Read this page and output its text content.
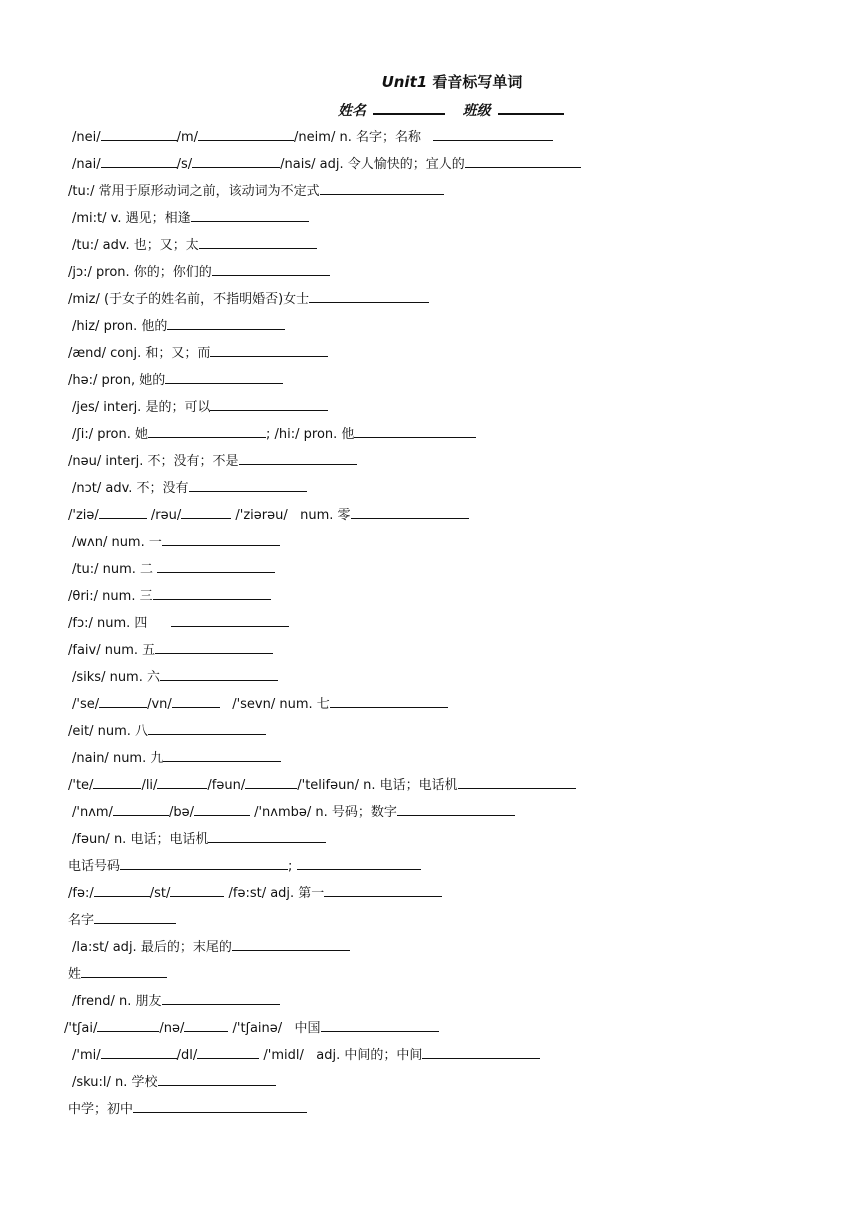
Unit1 看音标写单词
姓名	班级
/nei/	/m/	/neim/ n. 名字；名称
/nai/	/s/	/nais/ adj. 令人愉快的；宜人的
/tu:/ 常用于原形动词之前，该动词为不定式
/mi:t/ v. 遇见；相逢
/tu:/ adv. 也；又；太
/jɔ:/ pron. 你的；你们的
/miz/ (于女子的姓名前，不指明婚否)女士
/hiz/ pron. 他的
/ænd/ conj. 和；又；而
/hə:/ pron, 她的
/jes/ interj. 是的；可以
/ʃi:/ pron. 她	; /hi:/ pron. 他
/nəu/ interj. 不；没有；不是
/nɔt/ adv. 不；没有
/'ziə/	/rəu/	/'ziərəu/   num. 零
/wʌn/ num. 一
/tu:/ num. 二
/θri:/ num. 三
/fɔ:/ num. 四
/faiv/ num. 五
/siks/ num. 六
/'se/	/vn/	/'sevn/ num. 七
/eit/ num. 八
/nain/ num. 九
/'te/	/li/	/fəun/	/'telifəun/ n. 电话；电话机
/'nʌm/	/bə/	/'nʌmbə/ n. 号码；数字
/fəun/ n. 电话；电话机
电话号码	;
/fə:/	/st/	/fə:st/ adj. 第一
名字
/la:st/ adj. 最后的；末尾的
姓
/frend/ n. 朋友
/'tʃai/	/nə/	/'tʃainə/   中国
/'mi/	/dl/	/'midl/   adj. 中间的；中间
/sku:l/ n. 学校
中学；初中
